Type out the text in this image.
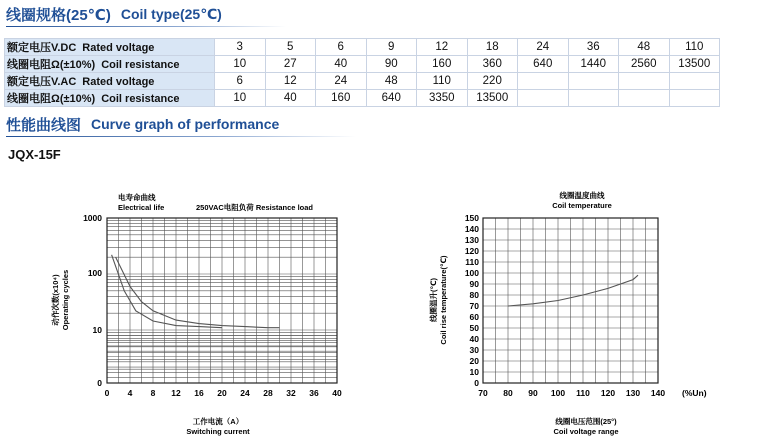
线圈规格(25℃) Coil type(25℃)
额定电压V.DC Rated voltage	3	5	6	9	12	18	24	36	48	110
线圈电阻Ω(±10%) Coil resistance	10	27	40	90	160	360	640	1440	2560	13500
额定电压V.AC Rated voltage	6	12	24	48	110	220				
线圈电阻Ω(±10%) Coil resistance	10	40	160	640	3350	13500				
性能曲线图 Curve graph of performance
JQX-15F
0 4 8 12 16 20 24 28 32 36 40
0
10
100
1000
电寿命曲线
Electrical life	250VAC电阻负荷 Resistance load
工作电流（A）
Switching current
动作次数(x10⁴) Operating cycles
70 80 90 100 110 120 130 140 (%Un)
0
10
20
30
40
50
60
70
80
90
100
110
120
130
140
150
线圈温度曲线
Coil temperature
线圈电压范围(25°)
Coil voltage range
线圈温升(℃) Coil rise temperature(℃)
